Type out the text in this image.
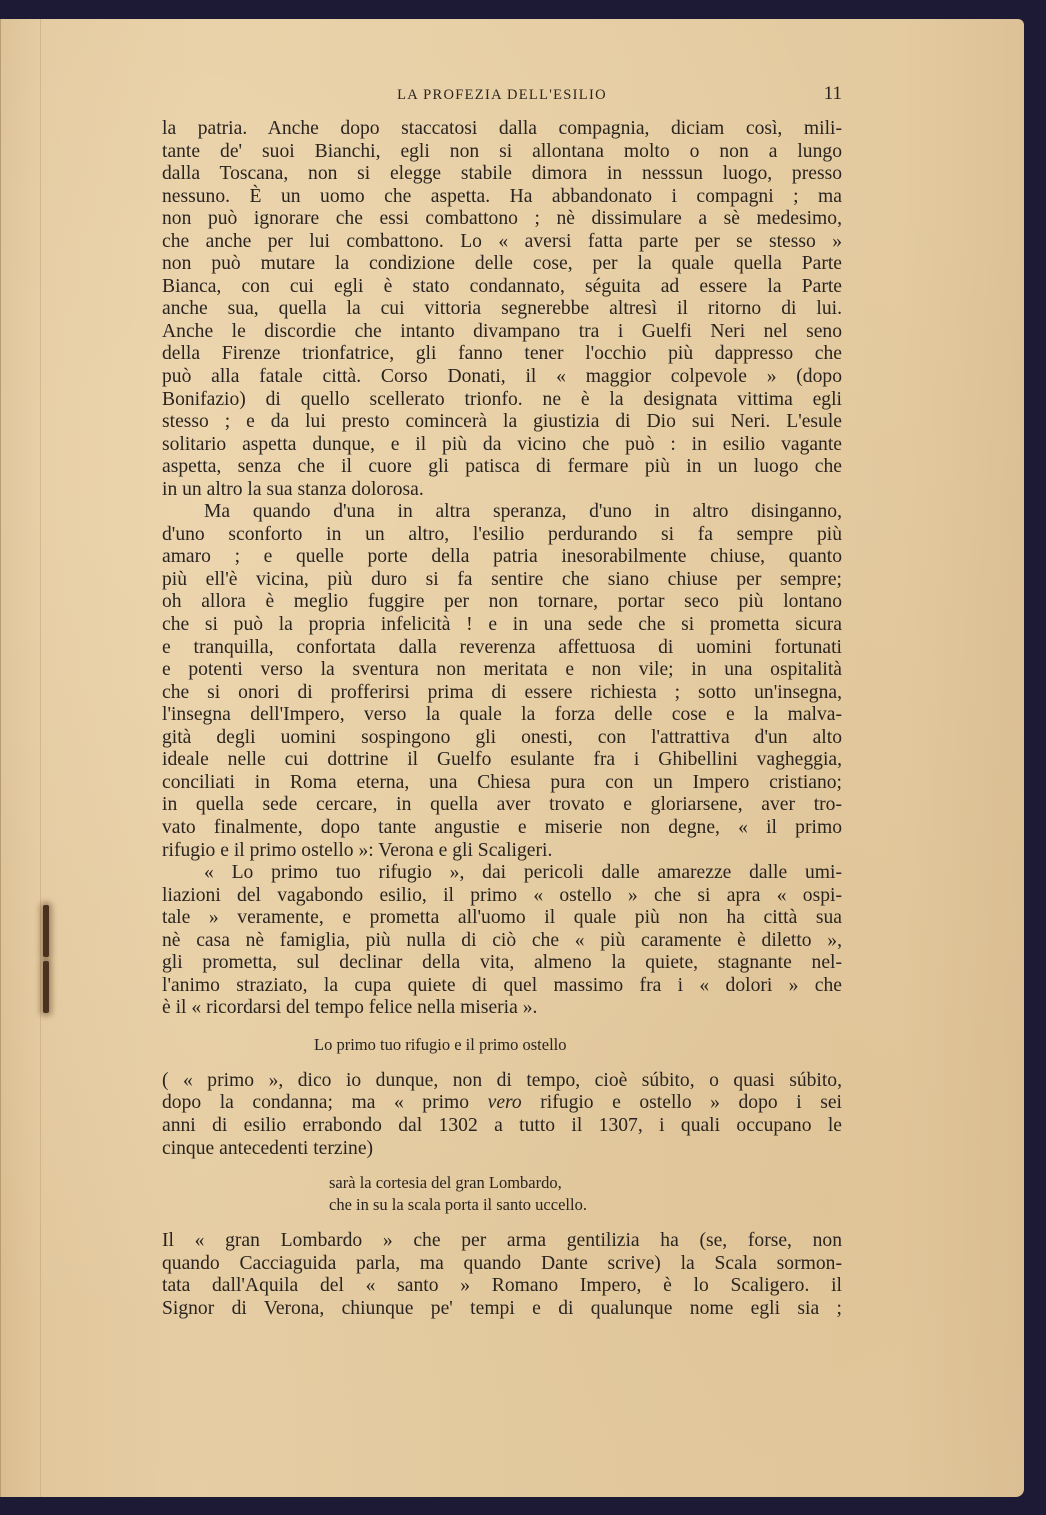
LA PROFEZIA DELL'ESILIO	11
la patria. Anche dopo staccatosi dalla compagnia, diciam così, mili-
tante de' suoi Bianchi, egli non si allontana molto o non a lungo
dalla Toscana, non si elegge stabile dimora in nesssun luogo, presso
nessuno. È un uomo che aspetta. Ha abbandonato i compagni ; ma
non può ignorare che essi combattono ; nè dissimulare a sè medesimo,
che anche per lui combattono. Lo « aversi fatta parte per se stesso »
non può mutare la condizione delle cose, per la quale quella Parte
Bianca, con cui egli è stato condannato, séguita ad essere la Parte
anche sua, quella la cui vittoria segnerebbe altresì il ritorno di lui.
Anche le discordie che intanto divampano tra i Guelfi Neri nel seno
della Firenze trionfatrice, gli fanno tener l'occhio più dappresso che
può alla fatale città. Corso Donati, il « maggior colpevole » (dopo
Bonifazio) di quello scellerato trionfo. ne è la designata vittima egli
stesso ; e da lui presto comincerà la giustizia di Dio sui Neri. L'esule
solitario aspetta dunque, e il più da vicino che può : in esilio vagante
aspetta, senza che il cuore gli patisca di fermare più in un luogo che
in un altro la sua stanza dolorosa.
Ma quando d'una in altra speranza, d'uno in altro disinganno,
d'uno sconforto in un altro, l'esilio perdurando si fa sempre più
amaro ; e quelle porte della patria inesorabilmente chiuse, quanto
più ell'è vicina, più duro si fa sentire che siano chiuse per sempre;
oh allora è meglio fuggire per non tornare, portar seco più lontano
che si può la propria infelicità ! e in una sede che si prometta sicura
e tranquilla, confortata dalla reverenza affettuosa di uomini fortunati
e potenti verso la sventura non meritata e non vile; in una ospitalità
che si onori di profferirsi prima di essere richiesta ; sotto un'insegna,
l'insegna dell'Impero, verso la quale la forza delle cose e la malva-
gità degli uomini sospingono gli onesti, con l'attrattiva d'un alto
ideale nelle cui dottrine il Guelfo esulante fra i Ghibellini vagheggia,
conciliati in Roma eterna, una Chiesa pura con un Impero cristiano;
in quella sede cercare, in quella aver trovato e gloriarsene, aver tro-
vato finalmente, dopo tante angustie e miserie non degne, « il primo
rifugio e il primo ostello »: Verona e gli Scaligeri.
« Lo primo tuo rifugio », dai pericoli dalle amarezze dalle umi-
liazioni del vagabondo esilio, il primo « ostello » che si apra « ospi-
tale » veramente, e prometta all'uomo il quale più non ha città sua
nè casa nè famiglia, più nulla di ciò che « più caramente è diletto »,
gli prometta, sul declinar della vita, almeno la quiete, stagnante nel-
l'animo straziato, la cupa quiete di quel massimo fra i « dolori » che
è il « ricordarsi del tempo felice nella miseria ».
Lo primo tuo rifugio e il primo ostello
( « primo », dico io dunque, non di tempo, cioè súbito, o quasi súbito,
dopo la condanna; ma « primo vero rifugio e ostello » dopo i sei
anni di esilio errabondo dal 1302 a tutto il 1307, i quali occupano le
cinque antecedenti terzine)
sarà la cortesia del gran Lombardo,
che in su la scala porta il santo uccello.
Il « gran Lombardo » che per arma gentilizia ha (se, forse, non
quando Cacciaguida parla, ma quando Dante scrive) la Scala sormon-
tata dall'Aquila del « santo » Romano Impero, è lo Scaligero. il
Signor di Verona, chiunque pe' tempi e di qualunque nome egli sia ;
